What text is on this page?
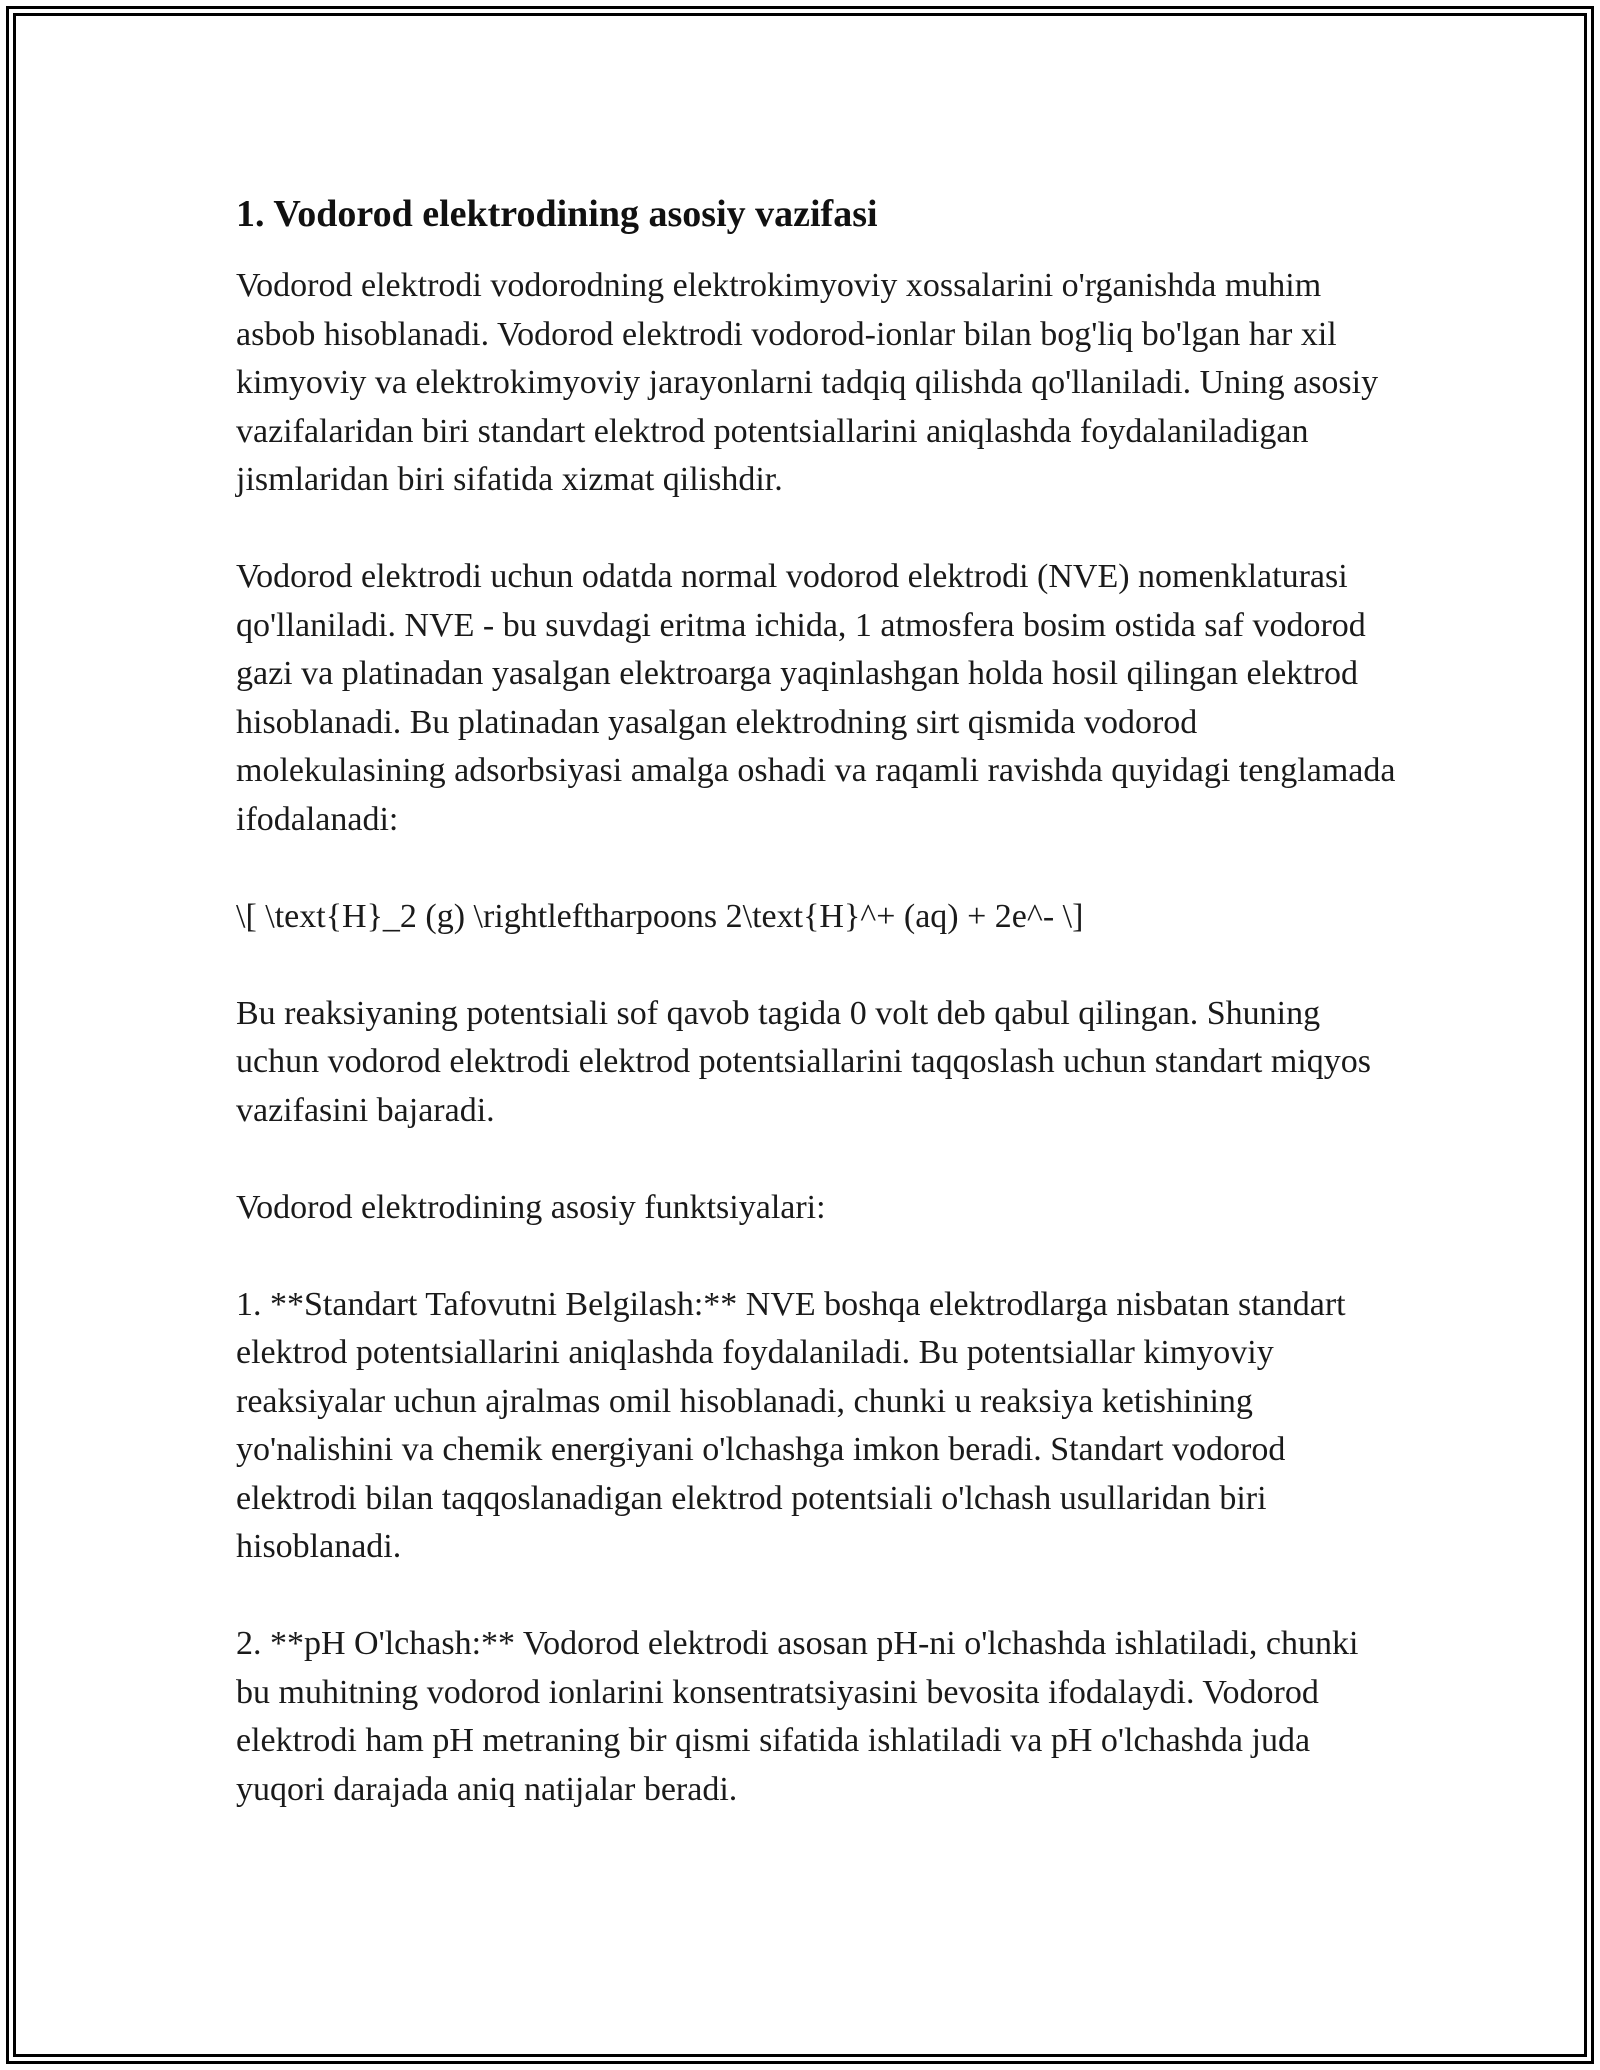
1. Vodorod elektrodining asosiy vazifasi

Vodorod elektrodi vodorodning elektrokimyoviy xossalarini o'rganishda muhim asbob hisoblanadi. Vodorod elektrodi vodorod-ionlar bilan bog'liq bo'lgan har xil kimyoviy va elektrokimyoviy jarayonlarni tadqiq qilishda qo'llaniladi. Uning asosiy vazifalaridan biri standart elektrod potentsiallarini aniqlashda foydalaniladigan jismlaridan biri sifatida xizmat qilishdir.

Vodorod elektrodi uchun odatda normal vodorod elektrodi (NVE) nomenklaturasi qo'llaniladi. NVE - bu suvdagi eritma ichida, 1 atmosfera bosim ostida saf vodorod gazi va platinadan yasalgan elektroarga yaqinlashgan holda hosil qilingan elektrod hisoblanadi. Bu platinadan yasalgan elektrodning sirt qismida vodorod molekulasining adsorbsiyasi amalga oshadi va raqamli ravishda quyidagi tenglamada ifodalanadi:

\[ \text{H}_2 (g) \rightleftharpoons 2\text{H}^+ (aq) + 2e^- \]

Bu reaksiyaning potentsiali sof qavob tagida 0 volt deb qabul qilingan. Shuning uchun vodorod elektrodi elektrod potentsiallarini taqqoslash uchun standart miqyos vazifasini bajaradi.

Vodorod elektrodining asosiy funktsiyalari:

1. **Standart Tafovutni Belgilash:** NVE boshqa elektrodlarga nisbatan standart elektrod potentsiallarini aniqlashda foydalaniladi. Bu potentsiallar kimyoviy reaksiyalar uchun ajralmas omil hisoblanadi, chunki u reaksiya ketishining yo'nalishini va chemik energiyani o'lchashga imkon beradi. Standart vodorod elektrodi bilan taqqoslanadigan elektrod potentsiali o'lchash usullaridan biri hisoblanadi.

2. **pH O'lchash:** Vodorod elektrodi asosan pH-ni o'lchashda ishlatiladi, chunki bu muhitning vodorod ionlarini konsentratsiyasini bevosita ifodalaydi. Vodorod elektrodi ham pH metraning bir qismi sifatida ishlatiladi va pH o'lchashda juda yuqori darajada aniq natijalar beradi.
